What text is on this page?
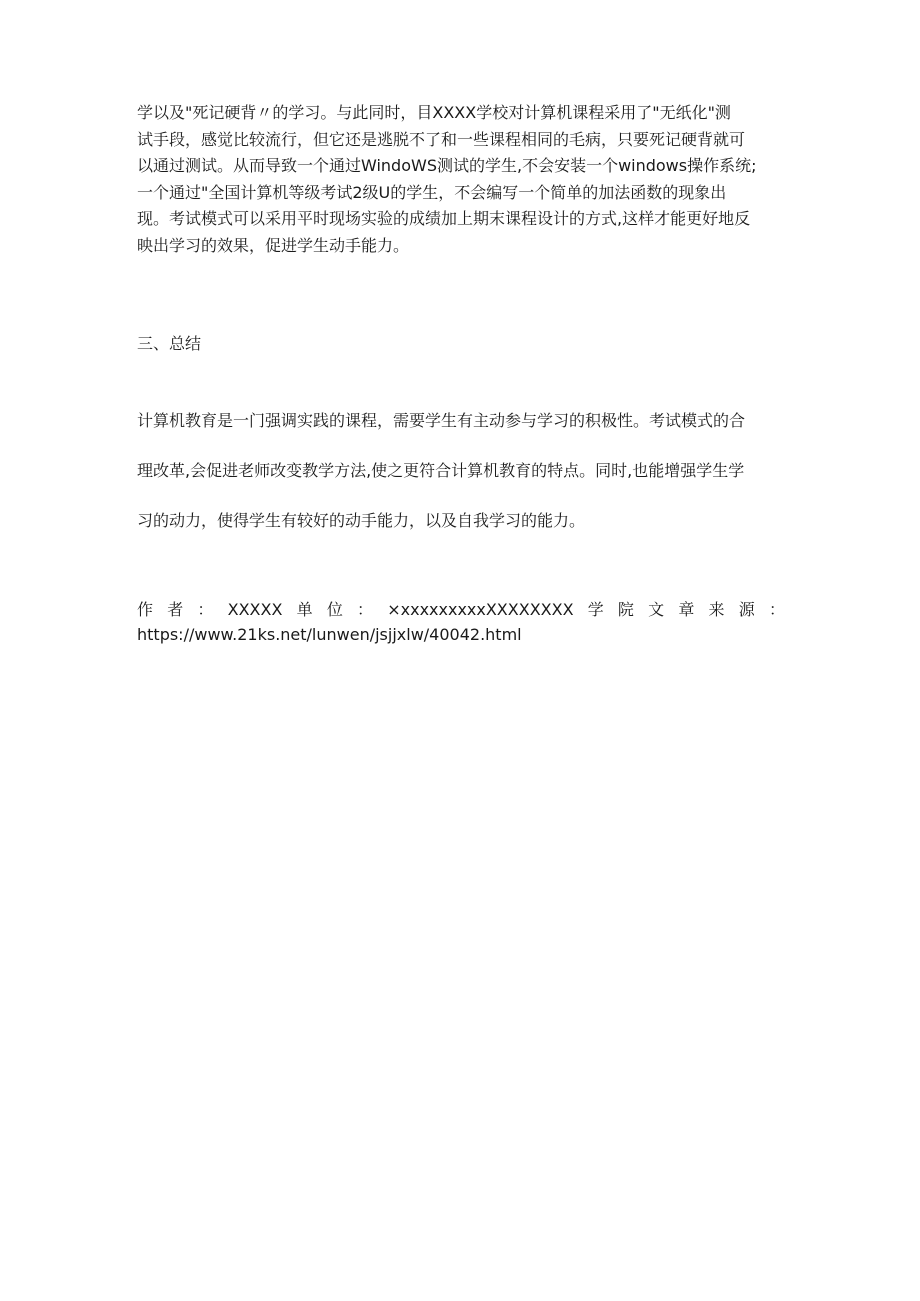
学以及"死记硬背〃的学习。与此同时，目XXXX学校对计算机课程采用了"无纸化"测
试手段，感觉比较流行，但它还是逃脱不了和一些课程相同的毛病，只要死记硬背就可
以通过测试。从而导致一个通过WindoWS测试的学生,不会安装一个windows操作系统;
一个通过"全国计算机等级考试2级U的学生，不会编写一个简单的加法函数的现象出
现。考试模式可以采用平时现场实验的成绩加上期末课程设计的方式,这样才能更好地反
映出学习的效果，促进学生动手能力。
三、总结
计算机教育是一门强调实践的课程，需要学生有主动参与学习的积极性。考试模式的合
理改革,会促进老师改变教学方法,使之更符合计算机教育的特点。同时,也能增强学生学
习的动力，使得学生有较好的动手能力，以及自我学习的能力。
作 者 ： XXXXX 单 位 ： ×xxxxxxxxxXXXXXXXX 学 院 文 章 来 源 ：
https://www.21ks.net/lunwen/jsjjxlw/40042.html
